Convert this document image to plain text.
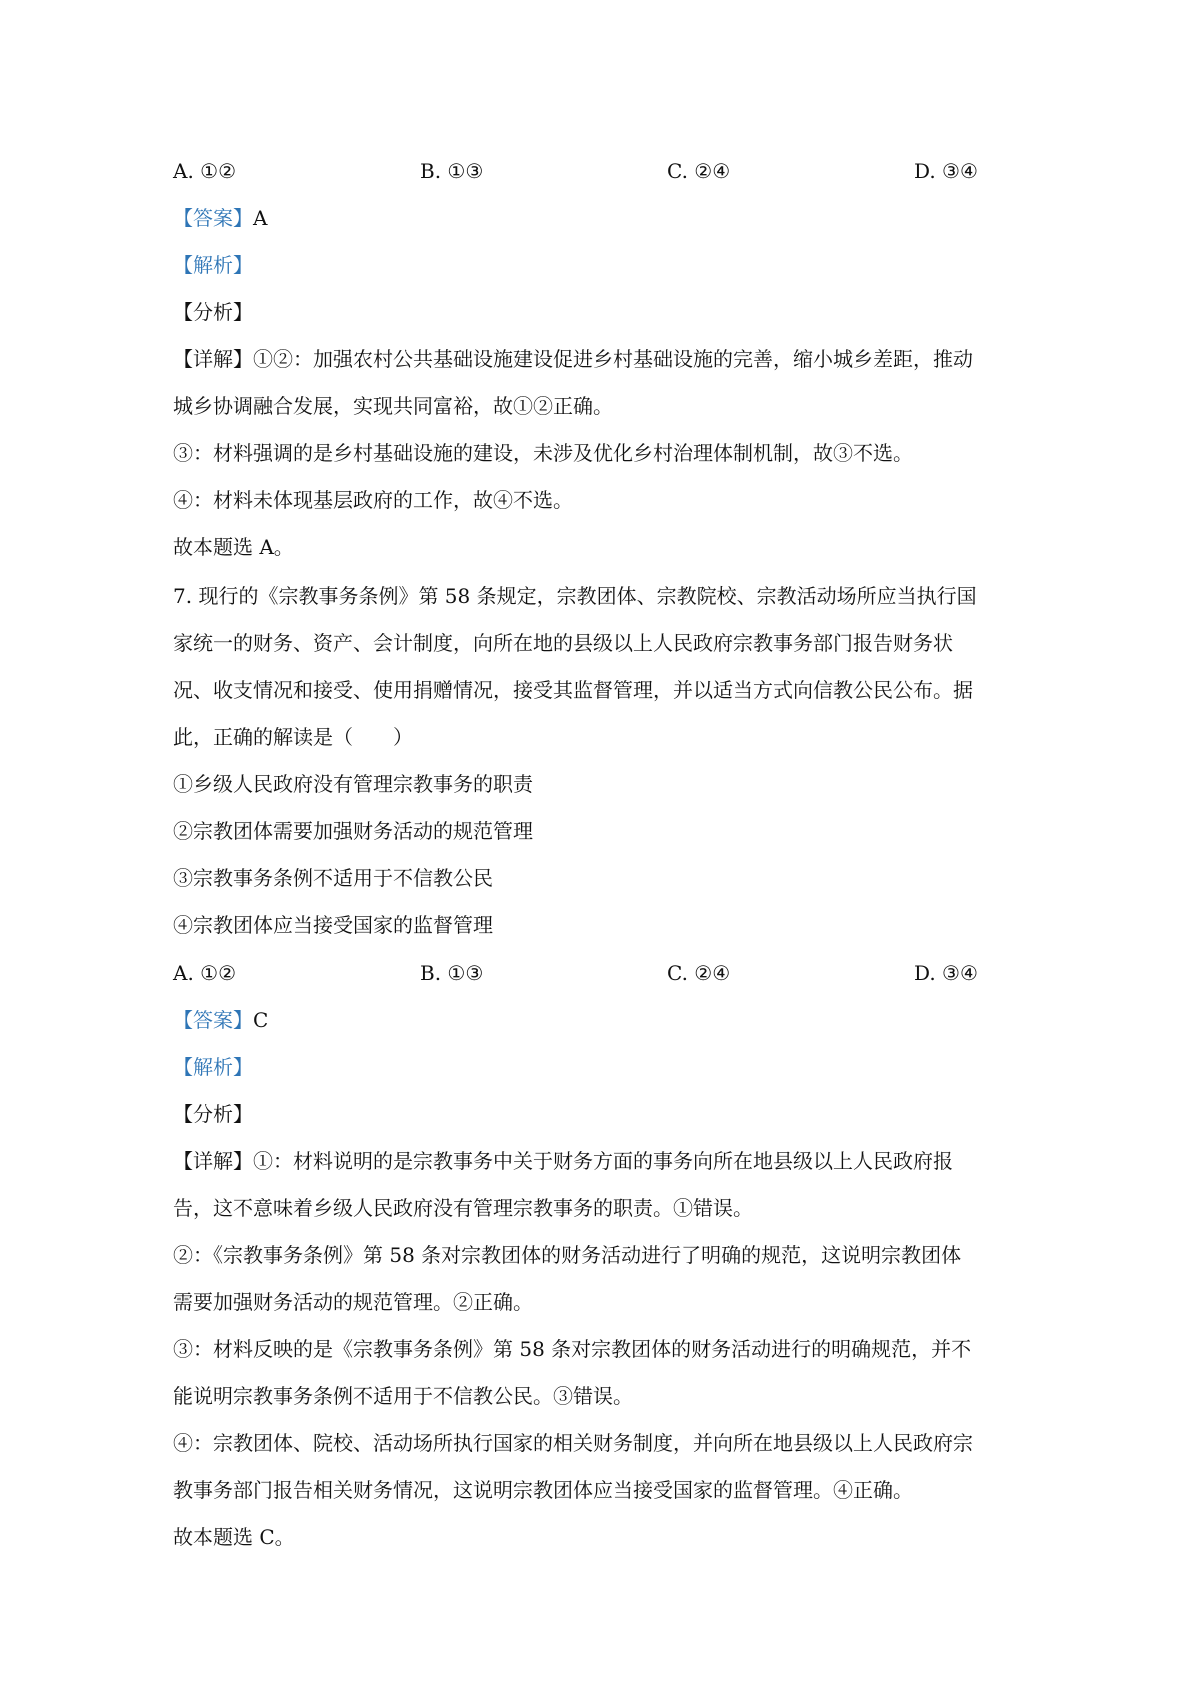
A. ①②	B. ①③	C. ②④	D. ③④
【答案】A
【解析】
【分析】
【详解】①②：加强农村公共基础设施建设促进乡村基础设施的完善，缩小城乡差距，推动
城乡协调融合发展，实现共同富裕，故①②正确。
③：材料强调的是乡村基础设施的建设，未涉及优化乡村治理体制机制，故③不选。
④：材料未体现基层政府的工作，故④不选。
故本题选 A。
7. 现行的《宗教事务条例》第 58 条规定，宗教团体、宗教院校、宗教活动场所应当执行国
家统一的财务、资产、会计制度，向所在地的县级以上人民政府宗教事务部门报告财务状
况、收支情况和接受、使用捐赠情况，接受其监督管理，并以适当方式向信教公民公布。据
此，正确的解读是（　　）
①乡级人民政府没有管理宗教事务的职责
②宗教团体需要加强财务活动的规范管理
③宗教事务条例不适用于不信教公民
④宗教团体应当接受国家的监督管理
A. ①②	B. ①③	C. ②④	D. ③④
【答案】C
【解析】
【分析】
【详解】①：材料说明的是宗教事务中关于财务方面的事务向所在地县级以上人民政府报
告，这不意味着乡级人民政府没有管理宗教事务的职责。①错误。
②：《宗教事务条例》第 58 条对宗教团体的财务活动进行了明确的规范，这说明宗教团体
需要加强财务活动的规范管理。②正确。
③：材料反映的是《宗教事务条例》第 58 条对宗教团体的财务活动进行的明确规范，并不
能说明宗教事务条例不适用于不信教公民。③错误。
④：宗教团体、院校、活动场所执行国家的相关财务制度，并向所在地县级以上人民政府宗
教事务部门报告相关财务情况，这说明宗教团体应当接受国家的监督管理。④正确。
故本题选 C。
